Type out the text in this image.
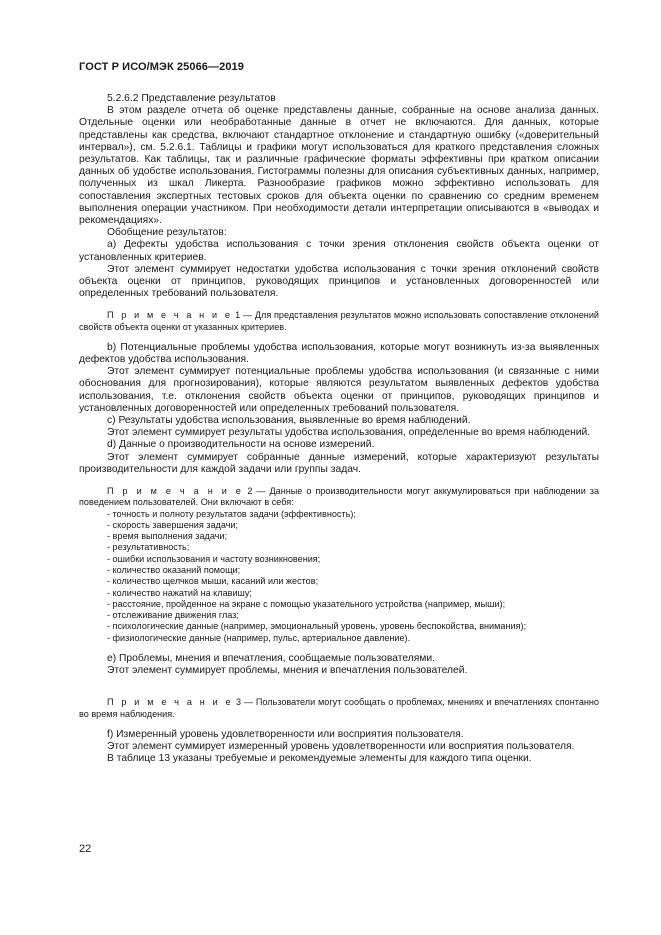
ГОСТ Р ИСО/МЭК 25066—2019

5.2.6.2 Представление результатов

В этом разделе отчета об оценке представлены данные, собранные на основе анализа данных. Отдельные оценки или необработанные данные в отчет не включаются. Для данных, которые представлены как средства, включают стандартное отклонение и стандартную ошибку («доверительный интервал»), см. 5.2.6.1. Таблицы и графики могут использоваться для краткого представления сложных результатов. Как таблицы, так и различные графические форматы эффективны при кратком описании данных об удобстве использования. Гистограммы полезны для описания субъективных данных, например, полученных из шкал Ликерта. Разнообразие графиков можно эффективно использовать для сопоставления экспертных тестовых сроков для объекта оценки по сравнению со средним временем выполнения операции участником. При необходимости детали интерпретации описываются в «выводах и рекомендациях».

Обобщение результатов:

a) Дефекты удобства использования с точки зрения отклонения свойств объекта оценки от установленных критериев.

Этот элемент суммирует недостатки удобства использования с точки зрения отклонений свойств объекта оценки от принципов, руководящих принципов и установленных договоренностей или определенных требований пользователя.

П р и м е ч а н и е 1 — Для представления результатов можно использовать сопоставление отклонений свойств объекта оценки от указанных критериев.

b) Потенциальные проблемы удобства использования, которые могут возникнуть из-за выявленных дефектов удобства использования.

Этот элемент суммирует потенциальные проблемы удобства использования (и связанные с ними обоснования для прогнозирования), которые являются результатом выявленных дефектов удобства использования, т.е. отклонения свойств объекта оценки от принципов, руководящих принципов и установленных договоренностей или определенных требований пользователя.

c) Результаты удобства использования, выявленные во время наблюдений.

Этот элемент суммирует результаты удобства использования, определенные во время наблюдений.

d) Данные о производительности на основе измерений.

Этот элемент суммирует собранные данные измерений, которые характеризуют результаты производительности для каждой задачи или группы задач.

П р и м е ч а н и е 2 — Данные о производительности могут аккумулироваться при наблюдении за поведением пользователей. Они включают в себя:

- точность и полноту результатов задачи (эффективность);
- скорость завершения задачи;
- время выполнения задачи;
- результативность;
- ошибки использования и частоту возникновения;
- количество оказаний помощи;
- количество щелчков мыши, касаний или жестов;
- количество нажатий на клавишу;
- расстояние, пройденное на экране с помощью указательного устройства (например, мыши);
- отслеживание движения глаз;
- психологические данные (например, эмоциональный уровень, уровень беспокойства, внимания);
- физиологические данные (например, пульс, артериальное давление).

e) Проблемы, мнения и впечатления, сообщаемые пользователями.

Этот элемент суммирует проблемы, мнения и впечатления пользователей.

П р и м е ч а н и е 3 — Пользователи могут сообщать о проблемах, мнениях и впечатлениях спонтанно во время наблюдения.

f) Измеренный уровень удовлетворенности или восприятия пользователя.

Этот элемент суммирует измеренный уровень удовлетворенности или восприятия пользователя.

В таблице 13 указаны требуемые и рекомендуемые элементы для каждого типа оценки.

22
